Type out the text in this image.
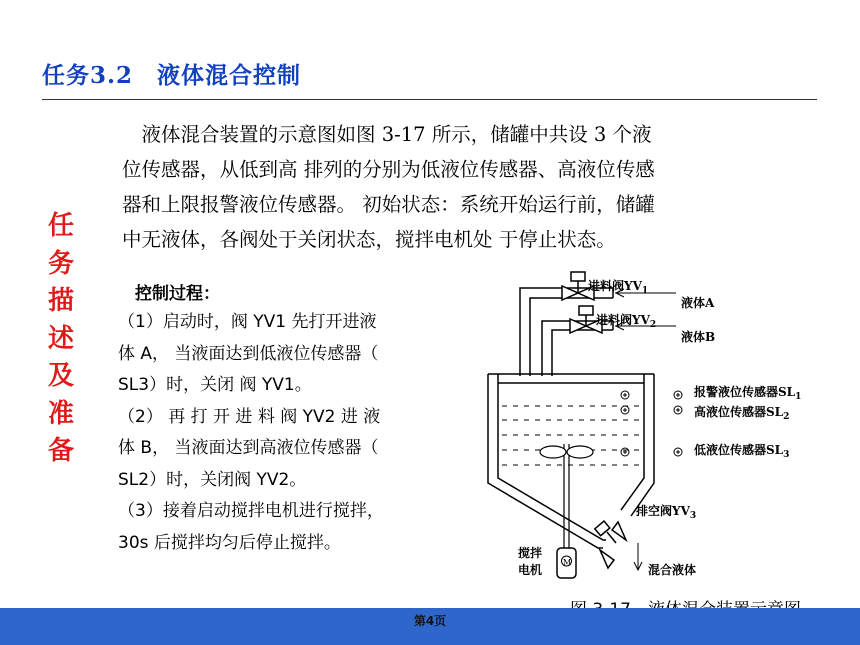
任务3.2　液体混合控制
　液体混合装置的示意图如图 3-17 所示，储罐中共设 3 个液
位传感器，从低到高 排列的分别为低液位传感器、高液位传感
器和上限报警液位传感器。 初始状态：系统开始运行前，储罐
中无液体，各阀处于关闭状态，搅拌电机处 于停止状态。
任
务
描
述
及
准
备
控制过程：
（1）启动时，阀 YV1 先打开进液
体 A， 当液面达到低液位传感器（
SL3）时，关闭 阀 YV1。
（2） 再 打 开 进 料 阀 YV2 进 液
体 B， 当液面达到高液位传感器（
SL2）时，关闭阀 YV2。
（3）接着启动搅拌电机进行搅拌，
30s 后搅拌均匀后停止搅拌。
进料阀$YV_1$
进料阀$YV_2$
液体A
液体B
报警液位传感器$SL_1$
高液位传感器$SL_2$
低液位传感器$SL_3$
M
搅拌
电机
排空阀$YV_3$
混合液体
第4页
